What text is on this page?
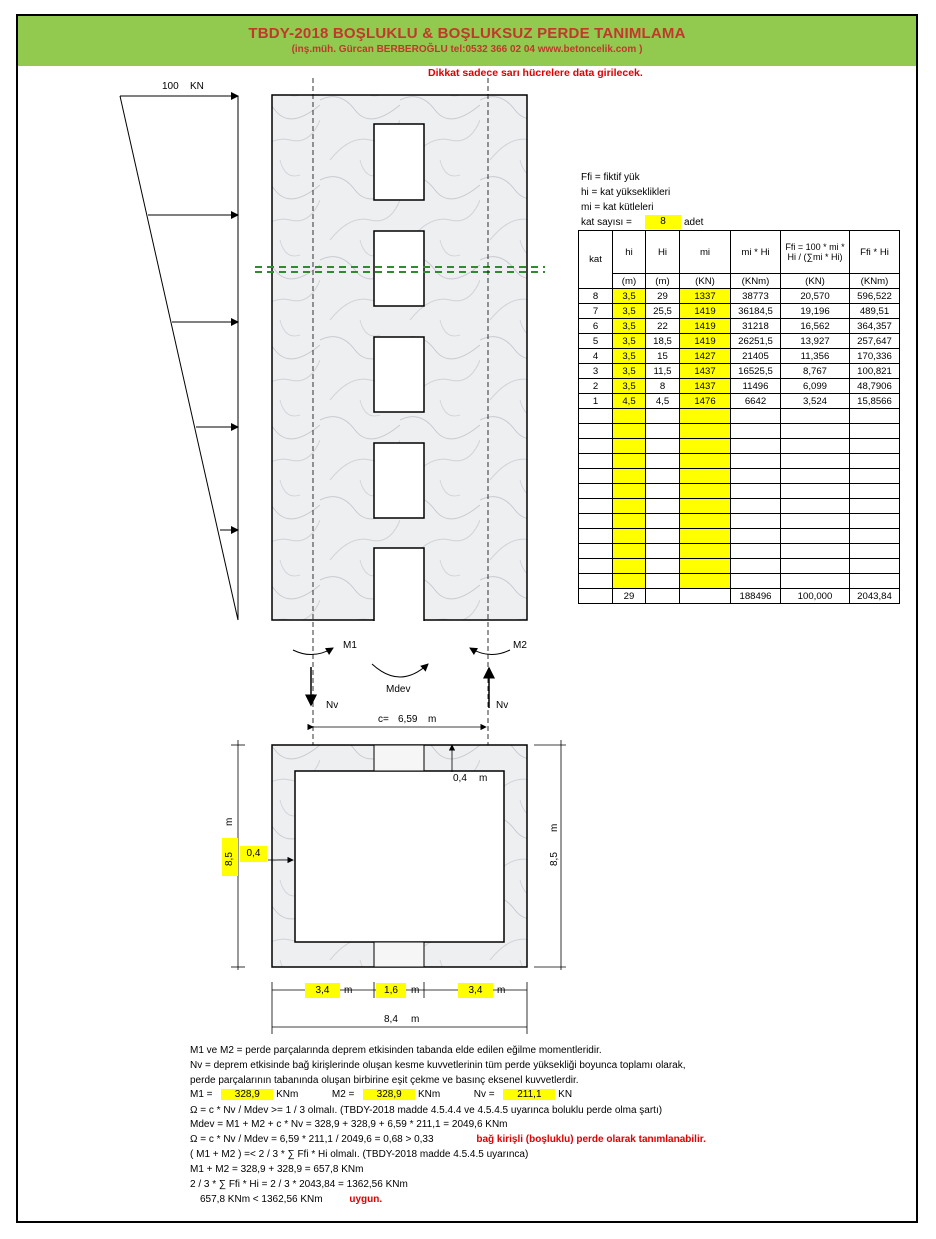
TBDY-2018 BOŞLUKLU & BOŞLUKSUZ PERDE TANIMLAMA
(inş.müh. Gürcan BERBEROĞLU tel:0532 366 02 04 www.betoncelik.com )
Dikkat sadece sarı hücrelere data girilecek.
100 KN
M1	M2
Mdev
Nv	Nv
c= 6,59 m
0,4 m
m
8,5	0,4
m
8,5
3,4	m	1,6	m	3,4	m
8,4 m
Ffi = fiktif yük
hi = kat yükseklikleri
mi = kat kütleleri
kat sayısı =	8	adet
kat	hi	Hi	mi	mi * Hi	Ffi = 100 * mi * Hi / (∑mi * Hi)	Ffi * Hi
	(m)	(m)	(KN)	(KNm)	(KN)	(KNm)
8	3,5	29	1337	38773	20,570	596,522
7	3,5	25,5	1419	36184,5	19,196	489,51
6	3,5	22	1419	31218	16,562	364,357
5	3,5	18,5	1419	26251,5	13,927	257,647
4	3,5	15	1427	21405	11,356	170,336
3	3,5	11,5	1437	16525,5	8,767	100,821
2	3,5	8	1437	11496	6,099	48,7906
1	4,5	4,5	1476	6642	3,524	15,8566

	29			188496	100,000	2043,84
M1 ve M2 = perde parçalarında deprem etkisinden tabanda elde edilen eğilme momentleridir.
Nv = deprem etkisinde bağ kirişlerinde oluşan kesme kuvvetlerinin tüm perde yüksekliği boyunca toplamı olarak,
perde parçalarının tabanında oluşan birbirine eşit çekme ve basınç eksenel kuvvetlerdir.
M1 = 328,9 KNm	M2 = 328,9 KNm	Nv = 211,1 KN
Ω = c * Nv / Mdev >= 1 / 3 olmalı. (TBDY-2018 madde 4.5.4.4 ve 4.5.4.5 uyarınca boluklu perde olma şartı)
Mdev = M1 + M2 + c * Nv = 328,9 + 328,9 + 6,59 * 211,1 = 2049,6 KNm
Ω = c * Nv / Mdev = 6,59 * 211,1 / 2049,6 = 0,68 > 0,33	bağ kirişli (boşluklu) perde olarak tanımlanabilir.
( M1 + M2 ) =< 2 / 3 * ∑ Ffi * Hi olmalı. (TBDY-2018 madde 4.5.4.5 uyarınca)
M1 + M2 = 328,9 + 328,9 = 657,8 KNm
2 / 3 * ∑ Ffi * Hi = 2 / 3 * 2043,84 = 1362,56 KNm
657,8 KNm < 1362,56 KNm	uygun.
